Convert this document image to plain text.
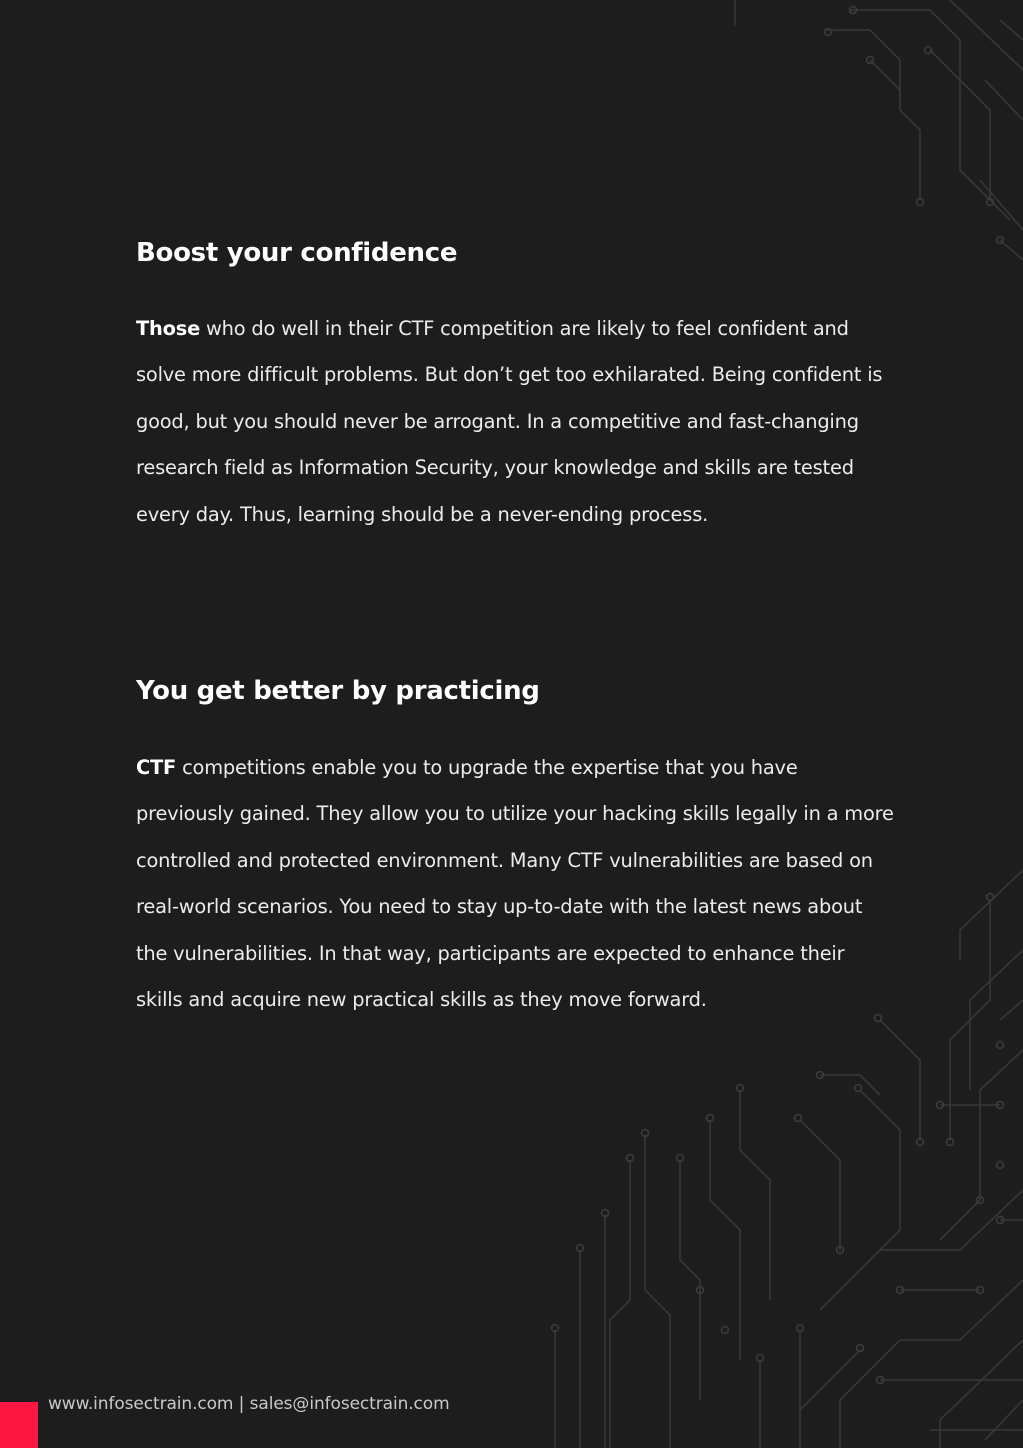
Boost your confidence

Those who do well in their CTF competition are likely to feel confident and solve more difficult problems. But don’t get too exhilarated. Being confident is good, but you should never be arrogant. In a competitive and fast-changing research field as Information Security, your knowledge and skills are tested every day. Thus, learning should be a never-ending process.

You get better by practicing

CTF competitions enable you to upgrade the expertise that you have previously gained. They allow you to utilize your hacking skills legally in a more controlled and protected environment. Many CTF vulnerabilities are based on real-world scenarios. You need to stay up-to-date with the latest news about the vulnerabilities. In that way, participants are expected to enhance their skills and acquire new practical skills as they move forward.

www.infosectrain.com | sales@infosectrain.com
